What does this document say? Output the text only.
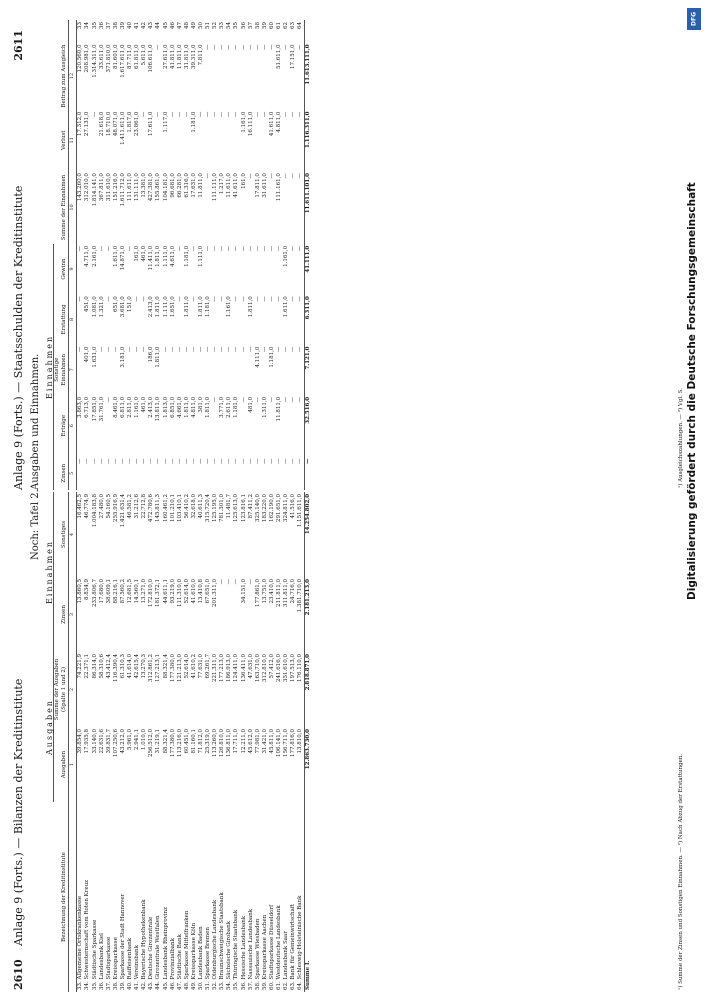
2610 Anlage 9 (Forts.) — Bilanzen der Kreditinstitute
Noch: Tafel 2.
Anlage 9 (Forts.) — Staatsschulden der Kreditinstitute
2611
Ausgaben und Einnahmen.
Bezeichnung der Kreditinstitute	Ausgaben		Einnahmen	
	Ausgaben	Summe der Ausgaben (Spalte 1 und 2)	Zinsen	Sonstiges
	1	2	3	4
33. Allgemeine Ortskrankenkasse	39.854,0	74.221,9	13.860,5	16.462,5
34. Schwesternschaft vom Roten Kreuz	17.935,8	22.371,1	8.834,9	46.774,9
35. Städtische Sparkasse	33.140,0	86.314,0	233.806,7	1.004.183,8
36. Landesbank Kiel	22.631,6	58.310,6	17.680,0	27.480,0
37. Stadtsparkasse	39.831,7	43.412,4	38.609,1	54.160,5
38. Kreissparkasse	107.250,6	116.390,4	88.216,1	255.916,9
39. Sparkasse der Stadt Hannover	43.212,0	61.310,3	87.560,2	1.421.631,4
40. Raiffeisenbank	5.961,0	41.614,0	12.681,5	46.581,2
41. Vereinsbank	2.941,1	42.615,4	14.560,1	31.212,6
42. Bayerische Hypothekenbank	1.010,0	13.270,3	13.271,0	22.712,8
43. Deutsche Girozentrale	256.512,0	312.861,2	172.810,0	472.780,6
44. Girozentrale Westfalen	31.219,1	127.213,1	181.372,1	145.811,3
45. Landesbank Rheinprovinz	88.321,4	88.321,4	44.611,1	160.461,2
46. Provinzialbank	177.380,0	177.380,0	93.219,0	101.210,1
47. Städtische Bank	113.216,0	121.213,0	111.310,0	103.410,1
48. Sparkasse Mittelfranken	60.451,0	52.614,0	52.614,0	56.410,2
49. Kreissparkasse Köln	81.160,1	41.610,2	41.610,0	32.618,0
50. Landesbank Baden	71.812,0	77.631,0	13.410,8	40.611,3
51. Sparkasse Bremen	25.319,0	69.261,7	67.651,0	315.720,4
52. Oldenburgische Landesbank	113.260,0	221.311,0	201.311,0	125.195,0
53. Braunschweigische Staatsbank	126.810,0	177.213,0	—	781.301,0
54. Sächsische Girobank	136.811,0	186.913,0	—	11.481,7
55. Thüringische Staatsbank	17.711,0	124.411,0	—	125.613,0
56. Hessische Landesbank	12.211,0	136.411,0	34.151,0	123.816,1
57. Nassauische Landesbank	45.612,0	47.631,0	—	87.411,2
58. Sparkasse Wiesbaden	77.981,0	163.710,0	177.861,0	325.140,0
59. Kreissparkasse Aachen	31.421,0	312.810,0	13.751,0	183.220,0
60. Stadtsparkasse Düsseldorf	45.811,0	57.412,0	23.410,0	162.190,0
61. Westdeutsche Landesbank	106.141,0	241.616,0	211.811,0	291.651,0
62. Landesbank Saar	156.711,0	351.610,0	311.811,0	324.811,0
63. Bank für Gemeinwirtschaft	177.816,0	197.513,0	24.716,0	41.516,0
64. Schleswig-Holsteinische Bank	13.810,0	176.110,0	1.381.710,0	1.151.611,0
Summe I.	12.863.730,0	2.818.871,0	2.181.213,0	14.254.802,0
Einnahmen					Summe der Einnahmen	Verlust	Beitrag zum Ausgleich	
Zinsen	Erträge	Sonstige Einnahmen	Erstattung	Gewinn				
5	6	7	8	9	10	11	12	
—	3.863,0	—	—	—	143.260,0	17.312,0	120.560,0	33
—	6.713,0	401,0	451,0	4.711,0	312.010,0	27.131,0	208.981,0	34
—	17.851,0	1.631,0	1.081,0	2.161,0	1.814.141,0	—	1.314.311,0	35
—	31.761,0	—	1.321,0	—	367.811,0	21.618,0	33.611,0	36
—	—	—	—	—	311.610,0	18.710,0	371.810,0	37
—	8.461,0	—	651,0	1.611,0	151.216,0	48.071,0	81.601,0	38
—	6.811,0	3.181,0	3.681,0	14.871,0	1.611.712,0	1.411.611,0	1.617.611,0	39
—	2.811,0	—	151,0	—	111.611,0	1.817,0	87.711,0	40
—	1.161,0	—	—	161,0	131.111,0	23.861,0	61.811,0	41
—	461,0	—	—	461,0	13.381,0	—	5.611,0	42
—	2.413,0	186,0	2.413,0	11.411,0	427.381,0	17.611,0	106.611,0	43
—	13.811,0	1.811,0	1.811,0	1.811,0	155.861,0	—	—	44
—	1.813,0	—	1.111,0	1.111,0	104.181,0	1.117,0	27.611,0	45
—	6.851,0	—	1.651,0	4.611,0	96.681,0	—	41.811,0	46
—	4.661,0	—	—	—	66.281,0	—	11.811,0	47
—	1.811,0	—	1.811,0	1.181,0	61.316,0	—	31.811,0	48
—	4.811,0	—	—	—	17.631,0	1.181,0	39.311,0	49
—	381,0	—	1.811,0	1.111,0	11.811,0	—	7.811,0	50
—	1.811,0	—	1.181,0	—	—	—	—	51
—	—	—	—	—	111.111,0	—	—	52
—	3.771,0	—	—	—	1.217,0	—	—	53
—	2.611,0	—	1.161,0	—	11.611,0	—	—	54
—	1.181,0	—	—	—	41.611,0	—	—	55
—	—	—	—	—	161,0	1.161,0	—	56
—	481,0	—	1.811,0	—	—	16.111,0	—	57
—	—	4.111,0	—	—	17.811,0	—	—	58
—	1.311,0	—	—	—	31.611,0	—	—	59
—	—	1.181,0	—	—	—	41.611,0	—	60
—	11.811,0	—	—	—	111.161,0	4.811,0	51.611,0	61
—	—	—	1.611,0	1.161,0	—	—	—	62
—	—	—	—	—	—	—	17.151,0	63
—	—	—	—	—	—	—	—	64
—	32.516,0	7.121,0	6.311,0	41.111,0	11.611.101,0	1.116.311,0	11.613.111,0	
¹) Summe der Zinsen und Sonstigen Einnahmen. — ²) Nach Abzug der Erstattungen.
¹) Ausgleichszahlungen. — ²) Vgl. S.
DFG
Digitalisierung gefördert durch die Deutsche Forschungsgemeinschaft
